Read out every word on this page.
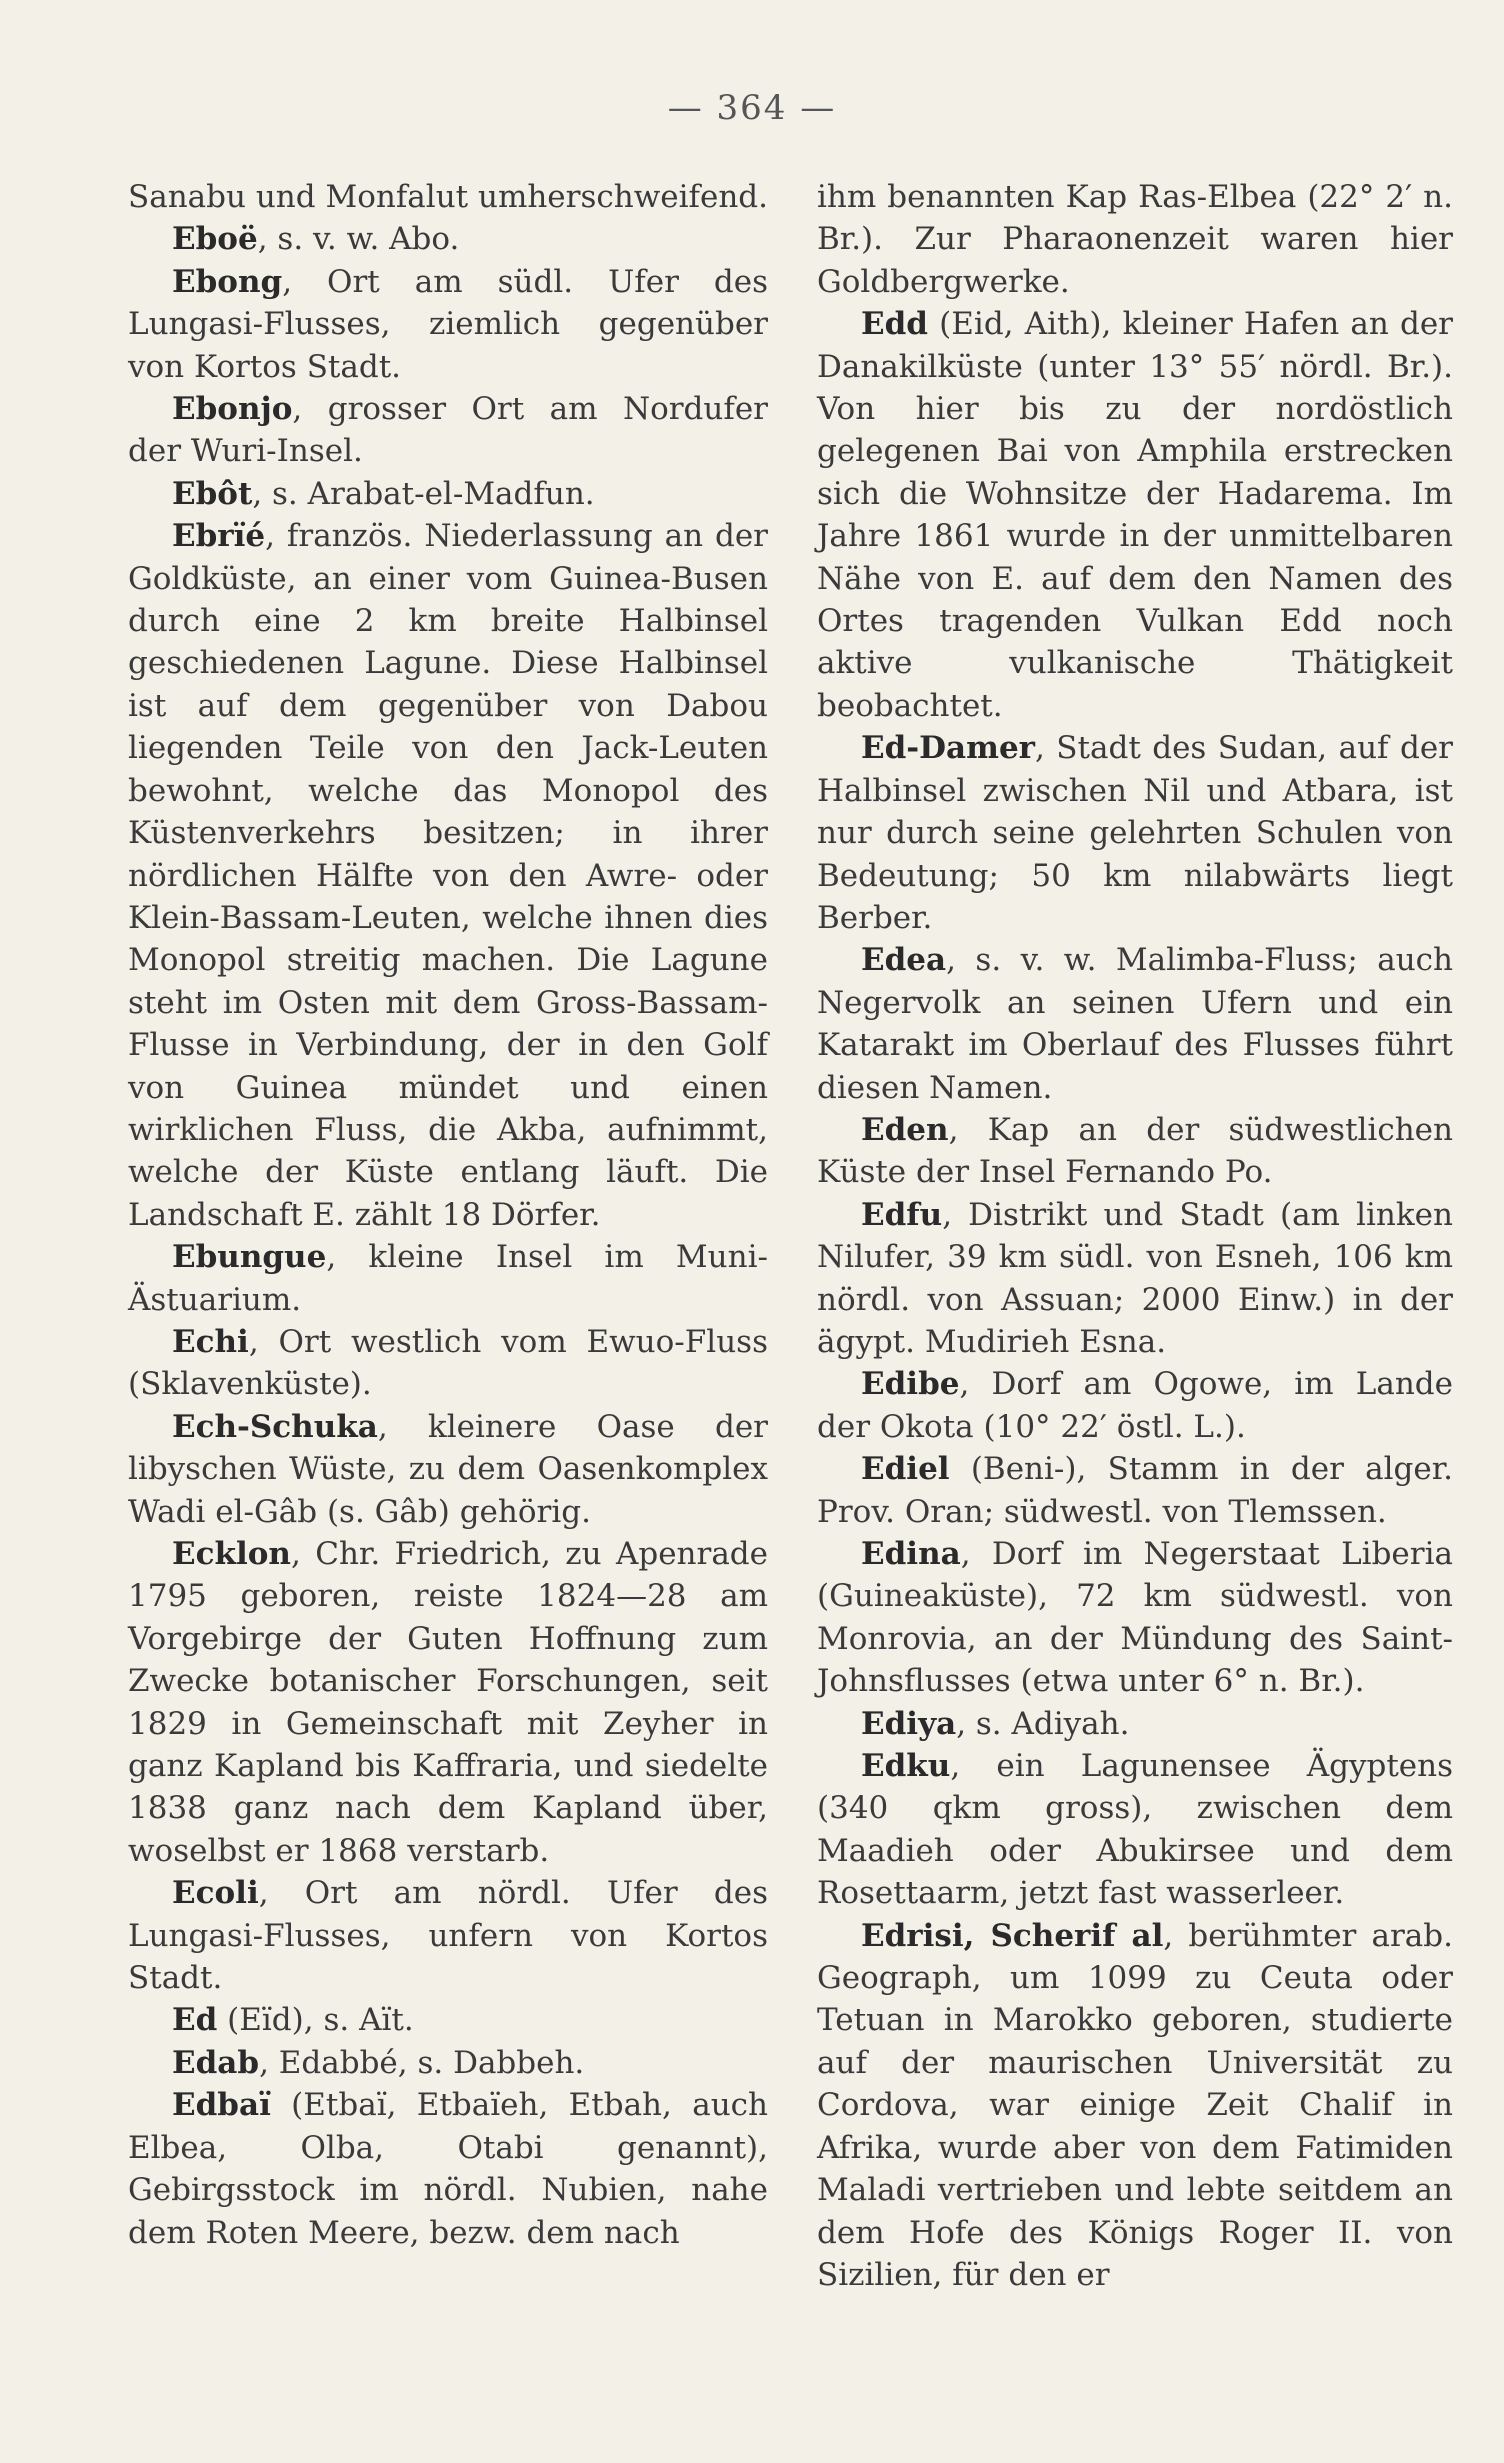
— 364 —

Sanabu und Monfalut umherschweifend.

Eboë, s. v. w. Abo.

Ebong, Ort am südl. Ufer des Lungasi-Flusses, ziemlich gegenüber von Kortos Stadt.

Ebonjo, grosser Ort am Nordufer der Wuri-Insel.

Ebôt, s. Arabat-el-Madfun.

Ebrïé, französ. Niederlassung an der Goldküste, an einer vom Guinea-Busen durch eine 2 km breite Halbinsel geschiedenen Lagune. Diese Halbinsel ist auf dem gegenüber von Dabou liegenden Teile von den Jack-Leuten bewohnt, welche das Monopol des Küstenverkehrs besitzen; in ihrer nördlichen Hälfte von den Awre- oder Klein-Bassam-Leuten, welche ihnen dies Monopol streitig machen. Die Lagune steht im Osten mit dem Gross-Bassam-Flusse in Verbindung, der in den Golf von Guinea mündet und einen wirklichen Fluss, die Akba, aufnimmt, welche der Küste entlang läuft. Die Landschaft E. zählt 18 Dörfer.

Ebungue, kleine Insel im Muni-Ästuarium.

Echi, Ort westlich vom Ewuo-Fluss (Sklavenküste).

Ech-Schuka, kleinere Oase der libyschen Wüste, zu dem Oasenkomplex Wadi el-Gâb (s. Gâb) gehörig.

Ecklon, Chr. Friedrich, zu Apenrade 1795 geboren, reiste 1824—28 am Vorgebirge der Guten Hoffnung zum Zwecke botanischer Forschungen, seit 1829 in Gemeinschaft mit Zeyher in ganz Kapland bis Kaffraria, und siedelte 1838 ganz nach dem Kapland über, woselbst er 1868 verstarb.

Ecoli, Ort am nördl. Ufer des Lungasi-Flusses, unfern von Kortos Stadt.

Ed (Eïd), s. Aït.

Edab, Edabbé, s. Dabbeh.

Edbaï (Etbaï, Etbaïeh, Etbah, auch Elbea, Olba, Otabi genannt), Gebirgsstock im nördl. Nubien, nahe dem Roten Meere, bezw. dem nach

ihm benannten Kap Ras-Elbea (22° 2′ n. Br.). Zur Pharaonenzeit waren hier Goldbergwerke.

Edd (Eid, Aith), kleiner Hafen an der Danakilküste (unter 13° 55′ nördl. Br.). Von hier bis zu der nordöstlich gelegenen Bai von Amphila erstrecken sich die Wohnsitze der Hadarema. Im Jahre 1861 wurde in der unmittelbaren Nähe von E. auf dem den Namen des Ortes tragenden Vulkan Edd noch aktive vulkanische Thätigkeit beobachtet.

Ed-Damer, Stadt des Sudan, auf der Halbinsel zwischen Nil und Atbara, ist nur durch seine gelehrten Schulen von Bedeutung; 50 km nilabwärts liegt Berber.

Edea, s. v. w. Malimba-Fluss; auch Negervolk an seinen Ufern und ein Katarakt im Oberlauf des Flusses führt diesen Namen.

Eden, Kap an der südwestlichen Küste der Insel Fernando Po.

Edfu, Distrikt und Stadt (am linken Nilufer, 39 km südl. von Esneh, 106 km nördl. von Assuan; 2000 Einw.) in der ägypt. Mudirieh Esna.

Edibe, Dorf am Ogowe, im Lande der Okota (10° 22′ östl. L.).

Ediel (Beni-), Stamm in der alger. Prov. Oran; südwestl. von Tlemssen.

Edina, Dorf im Negerstaat Liberia (Guineaküste), 72 km südwestl. von Monrovia, an der Mündung des Saint-Johnsflusses (etwa unter 6° n. Br.).

Ediya, s. Adiyah.

Edku, ein Lagunensee Ägyptens (340 qkm gross), zwischen dem Maadieh oder Abukirsee und dem Rosettaarm, jetzt fast wasserleer.

Edrisi, Scherif al, berühmter arab. Geograph, um 1099 zu Ceuta oder Tetuan in Marokko geboren, studierte auf der maurischen Universität zu Cordova, war einige Zeit Chalif in Afrika, wurde aber von dem Fatimiden Maladi vertrieben und lebte seitdem an dem Hofe des Königs Roger II. von Sizilien, für den er
